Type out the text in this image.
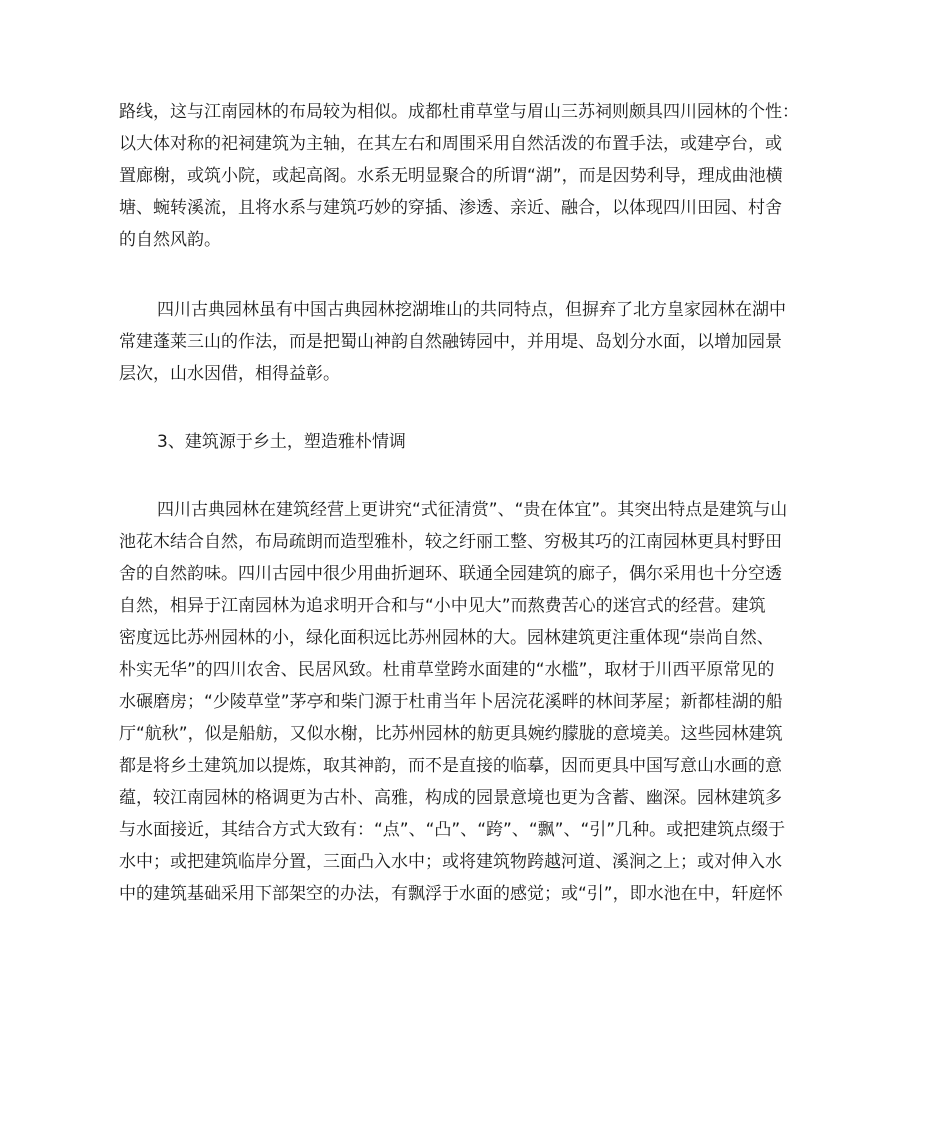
路线，这与江南园林的布局较为相似。成都杜甫草堂与眉山三苏祠则颇具四川园林的个性：
以大体对称的祀祠建筑为主轴，在其左右和周围采用自然活泼的布置手法，或建亭台，或
置廊榭，或筑小院，或起高阁。水系无明显聚合的所谓“湖”，而是因势利导，理成曲池横
塘、蜿转溪流，且将水系与建筑巧妙的穿插、渗透、亲近、融合，以体现四川田园、村舍
的自然风韵。
四川古典园林虽有中国古典园林挖湖堆山的共同特点，但摒弃了北方皇家园林在湖中
常建蓬莱三山的作法，而是把蜀山神韵自然融铸园中，并用堤、岛划分水面，以增加园景
层次，山水因借，相得益彰。
3、建筑源于乡土，塑造雅朴情调
四川古典园林在建筑经营上更讲究“式征清赏”、“贵在体宜”。其突出特点是建筑与山
池花木结合自然，布局疏朗而造型雅朴，较之纡丽工整、穷极其巧的江南园林更具村野田
舍的自然韵味。四川古园中很少用曲折迴环、联通全园建筑的廊子，偶尔采用也十分空透
自然，相异于江南园林为追求明开合和与“小中见大”而熬费苦心的迷宫式的经营。建筑
密度远比苏州园林的小，绿化面积远比苏州园林的大。园林建筑更注重体现“崇尚自然、
朴实无华”的四川农舍、民居风致。杜甫草堂跨水面建的“水槛”，取材于川西平原常见的
水碾磨房；“少陵草堂”茅亭和柴门源于杜甫当年卜居浣花溪畔的林间茅屋；新都桂湖的船
厅“航秋”，似是船舫，又似水榭，比苏州园林的舫更具婉约朦胧的意境美。这些园林建筑
都是将乡土建筑加以提炼，取其神韵，而不是直接的临摹，因而更具中国写意山水画的意
蕴，较江南园林的格调更为古朴、高雅，构成的园景意境也更为含蓄、幽深。园林建筑多
与水面接近，其结合方式大致有：“点”、“凸”、“跨”、“飘”、“引”几种。或把建筑点缀于
水中；或把建筑临岸分置，三面凸入水中；或将建筑物跨越河道、溪涧之上；或对伸入水
中的建筑基础采用下部架空的办法，有飘浮于水面的感觉；或“引”，即水池在中，轩庭怀
